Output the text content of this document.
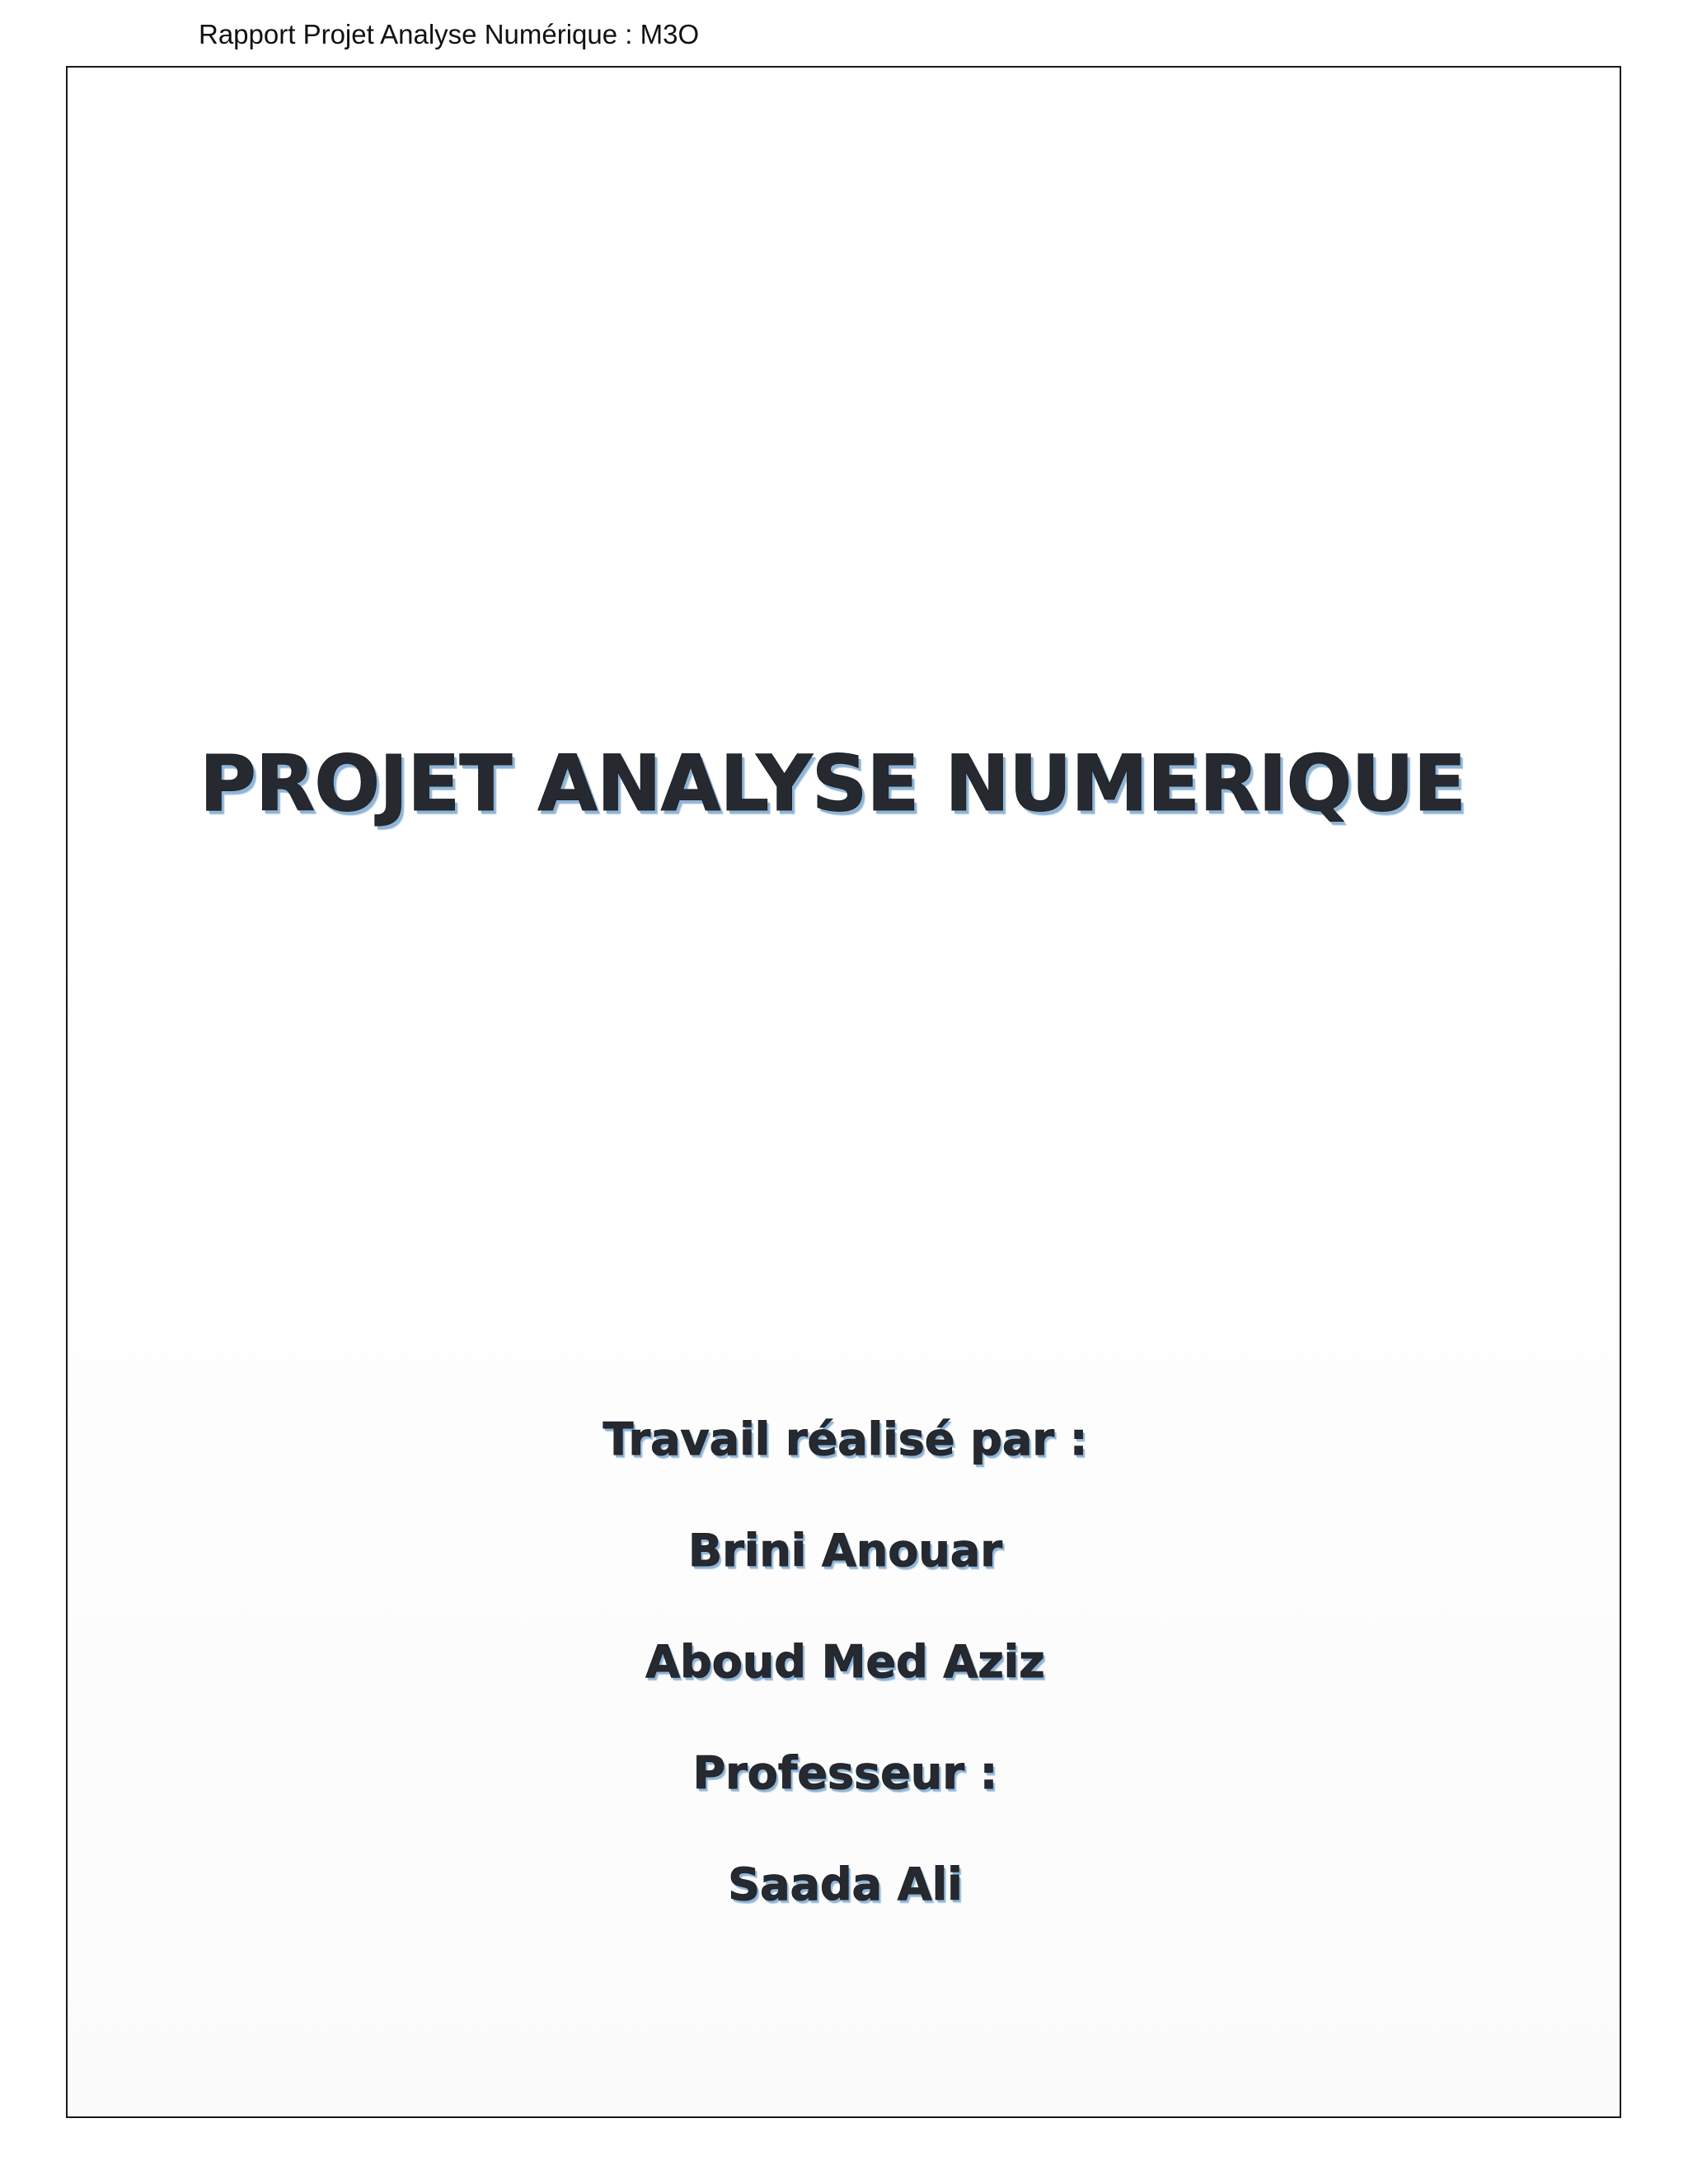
Rapport Projet Analyse Numérique : M3O
PROJET ANALYSE NUMERIQUE
Travail réalisé par :
Brini Anouar
Aboud Med Aziz
Professeur :
Saada Ali
